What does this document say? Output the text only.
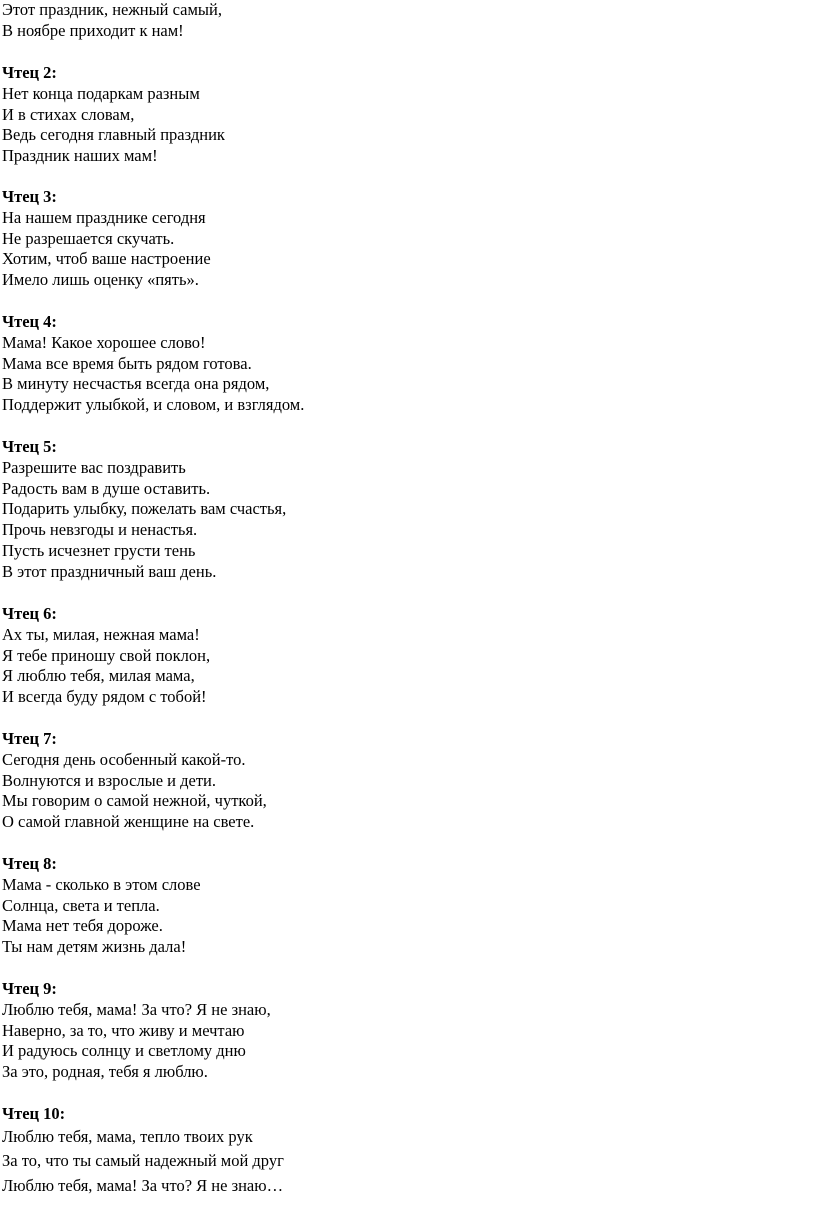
Этот праздник, нежный самый,
В ноябре приходит к нам!
Чтец 2:
Нет конца подаркам разным
И в стихах словам,
Ведь сегодня главный праздник
Праздник наших мам!
Чтец 3:
На нашем празднике сегодня
Не разрешается скучать.
Хотим, чтоб ваше настроение
Имело лишь оценку «пять».
Чтец 4:
Мама! Какое хорошее слово!
Мама все время быть рядом готова.
В минуту несчастья всегда она рядом,
Поддержит улыбкой, и словом, и взглядом.
Чтец 5:
Разрешите вас поздравить
Радость вам в душе оставить.
Подарить улыбку, пожелать вам счастья,
Прочь невзгоды и ненастья.
Пусть исчезнет грусти тень
В этот праздничный ваш день.
Чтец 6:
Ах ты, милая, нежная мама!
Я тебе приношу свой поклон,
Я люблю тебя, милая мама,
И всегда буду рядом с тобой!
Чтец 7:
Сегодня день особенный какой-то.
Волнуются и взрослые и дети.
Мы говорим о самой нежной, чуткой,
О самой главной женщине на свете.
Чтец 8:
Мама - сколько в этом слове
Солнца, света и тепла.
Мама нет тебя дороже.
Ты нам детям жизнь дала!
Чтец 9:
Люблю тебя, мама! За что? Я не знаю,
Наверно, за то, что живу и мечтаю
И радуюсь солнцу и светлому дню
За это, родная, тебя я люблю.
Чтец 10:
Люблю тебя, мама, тепло твоих рук
За то, что ты самый надежный мой друг
Люблю тебя, мама! За что? Я не знаю…
